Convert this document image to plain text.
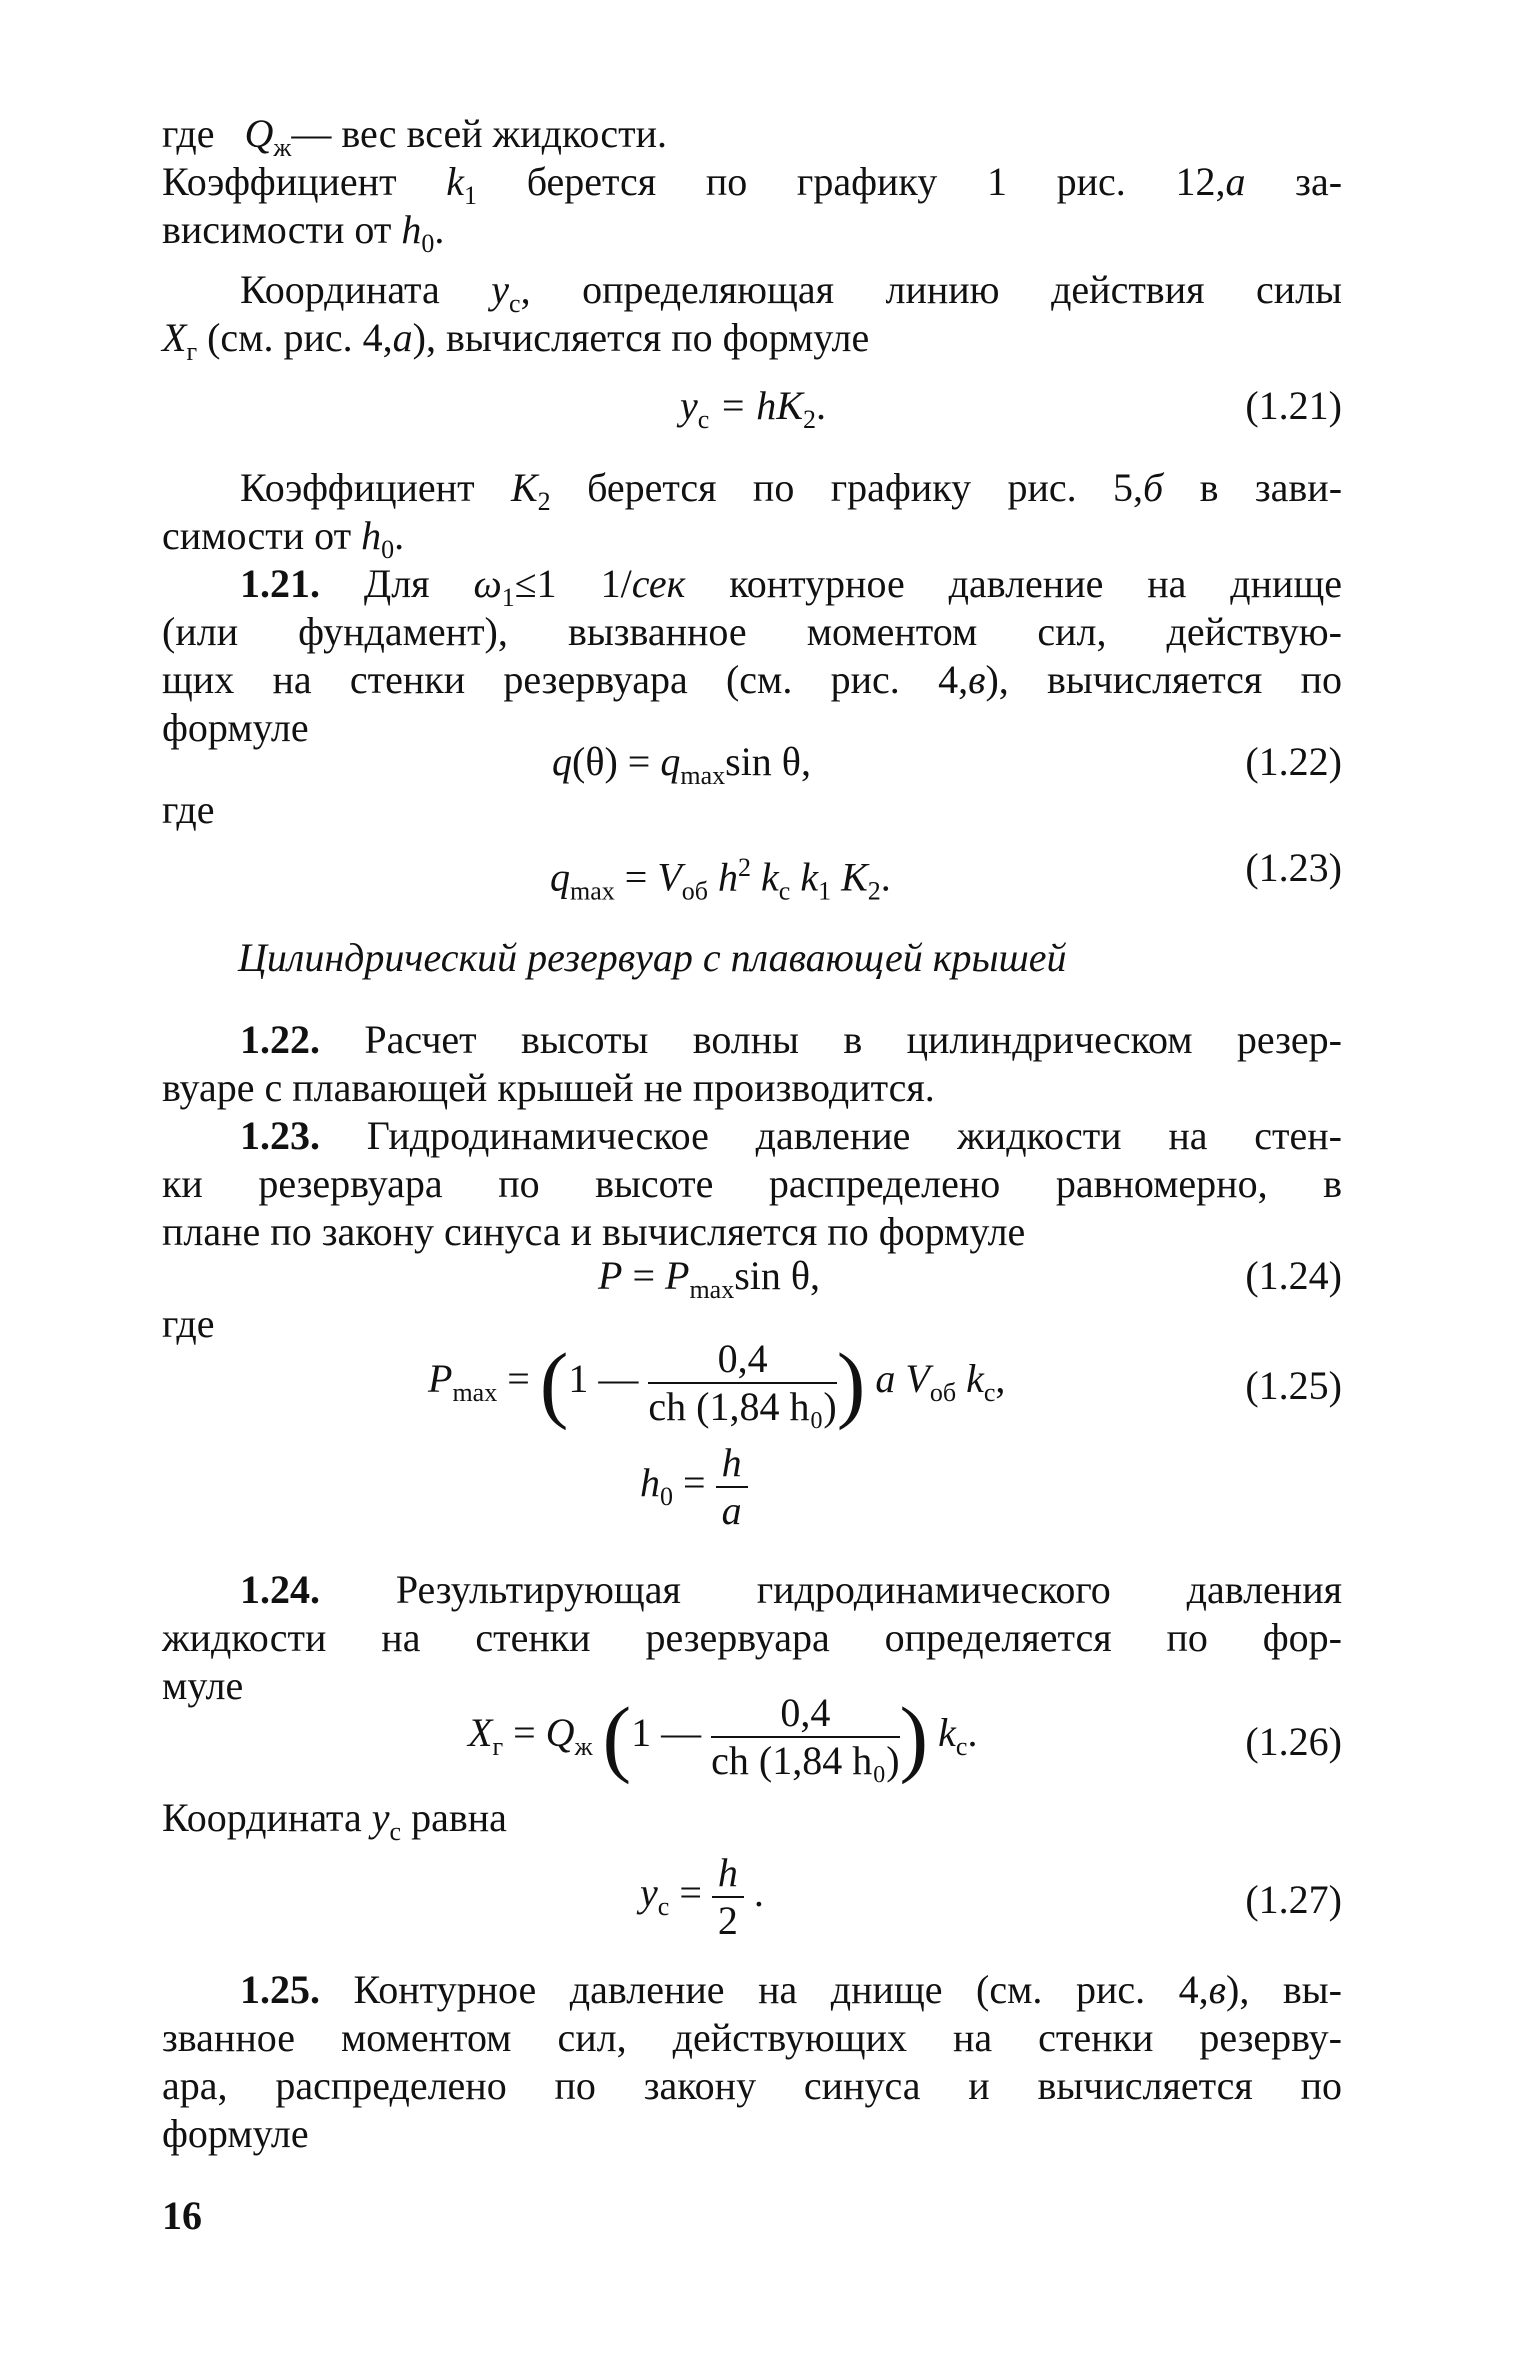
где $Q_ж—$ вес всей жидкости.
Коэффициент $k_1$ берется по графику 1 рис. 12,а за-
висимости от $h_0$.
Координата $y_c$, определяющая линию действия силы
$X_г$ (см. рис. 4,а), вычисляется по формуле
$y_c = hK_2$.	(1.21)
Коэффициент $K_2$ берется по графику рис. 5,б в зави-
симости от $h_0$.
1.21. Для $\omega_1\le 1$ 1/сек контурное давление на днище
(или фундамент), вызванное моментом сил, действую-
щих на стенки резервуара (см. рис. 4,в), вычисляется по
формуле
$q(\theta) = q_{max}\sin$ θ,	(1.22)
где
$q_{max} = V_{об}$ $h^2$ $k_c$ $k_1$ $K_2$.	(1.23)
Цилиндрический резервуар с плавающей крышей
1.22. Расчет высоты волны в цилиндрическом резер-
вуаре с плавающей крышей не производится.
1.23. Гидродинамическое давление жидкости на стен-
ки резервуара по высоте распределено равномерно, в
плане по закону синуса и вычисляется по формуле
$P = P_{max}\sin$ θ,	(1.24)
где
$P_{max} = (1$ — $\frac{0,4}{\text{ch (1,84 h₀)}}$ ) a $V_{об}$ $k_c$,	(1.25)
$h_0 = \frac{h}{a}$
1.24. Результирующая гидродинамического давления
жидкости на стенки резервуара определяется по фор-
муле
$X_г = Q_ж$ (1 — $\frac{0,4}{\text{ch (1,84 h₀)}}$ ) $k_c$.	(1.26)
Координата $y_c$ равна
$y_c = \frac{h}{2}$ .	(1.27)
1.25. Контурное давление на днище (см. рис. 4,в), вы-
званное моментом сил, действующих на стенки резерву-
ара, распределено по закону синуса и вычисляется по
формуле
16
